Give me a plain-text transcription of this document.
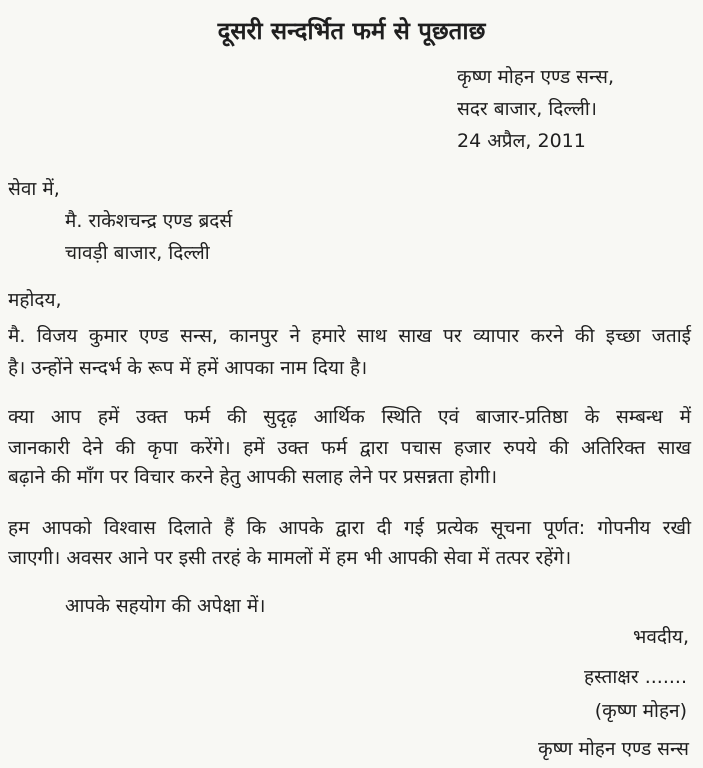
दूसरी सन्दर्भित फर्म से पूछताछ
कृष्ण मोहन एण्ड सन्स,
सदर बाजार, दिल्ली।
24 अप्रैल, 2011
सेवा में,
मै. राकेशचन्द्र एण्ड ब्रदर्स
चावड़ी बाजार, दिल्ली
महोदय,
मै. विजय कुमार एण्ड सन्स, कानपुर ने हमारे साथ साख पर व्यापार करने की इच्छा जताई
है। उन्होंने सन्दर्भ के रूप में हमें आपका नाम दिया है।
क्या आप हमें उक्त फर्म की सुदृढ़ आर्थिक स्थिति एवं बाजार-प्रतिष्ठा के सम्बन्ध में
जानकारी देने की कृपा करेंगे। हमें उक्त फर्म द्वारा पचास हजार रुपये की अतिरिक्त साख
बढ़ाने की माँग पर विचार करने हेतु आपकी सलाह लेने पर प्रसन्नता होगी।
हम आपको विश्वास दिलाते हैं कि आपके द्वारा दी गई प्रत्येक सूचना पूर्णत: गोपनीय रखी
जाएगी। अवसर आने पर इसी तरहं के मामलों में हम भी आपकी सेवा में तत्पर रहेंगे।
आपके सहयोग की अपेक्षा में।
भवदीय,
हस्ताक्षर .......
(कृष्ण मोहन)
कृष्ण मोहन एण्ड सन्स
